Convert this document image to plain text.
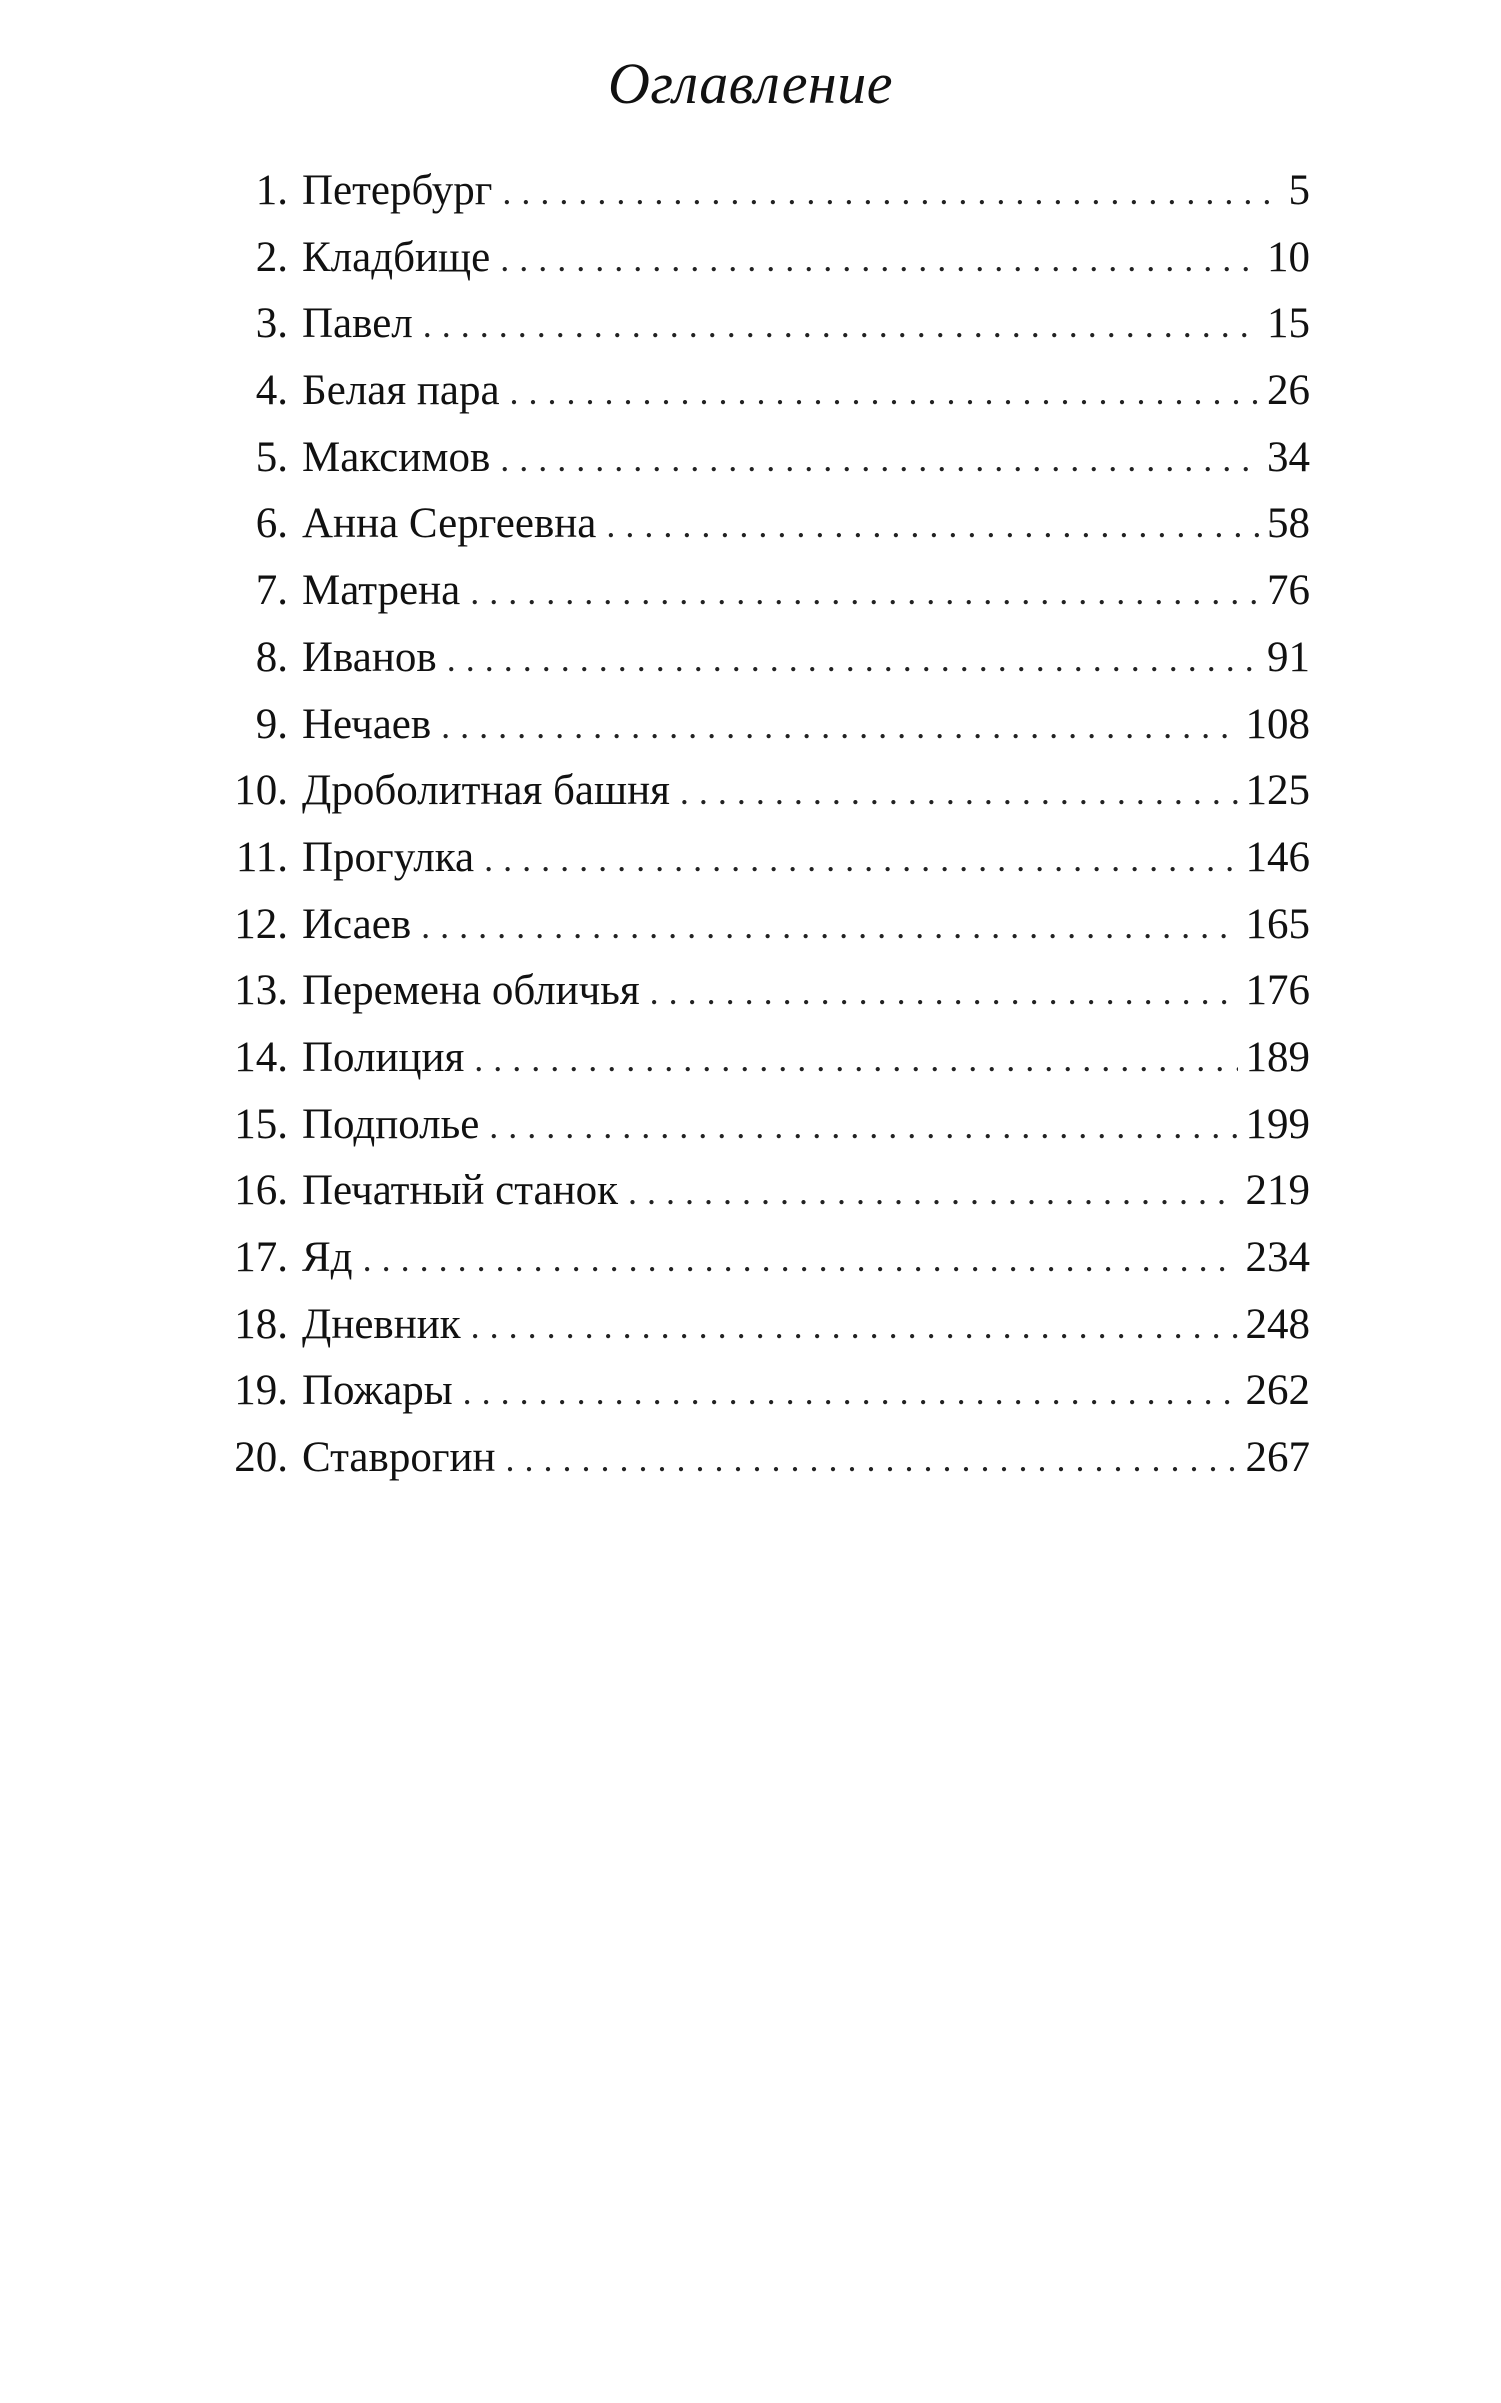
Оглавление
1. Петербург .....	5
2. Кладбище .....	10
3. Павел .....	15
4. Белая пара .....	26
5. Максимов .....	34
6. Анна Сергеевна .....	58
7. Матрена .....	76
8. Иванов .....	91
9. Нечаев .....	108
10. Дроболитная башня .....	125
11. Прогулка .....	146
12. Исаев .....	165
13. Перемена обличья .....	176
14. Полиция .....	189
15. Подполье .....	199
16. Печатный станок .....	219
17. Яд .....	234
18. Дневник .....	248
19. Пожары .....	262
20. Ставрогин .....	267
